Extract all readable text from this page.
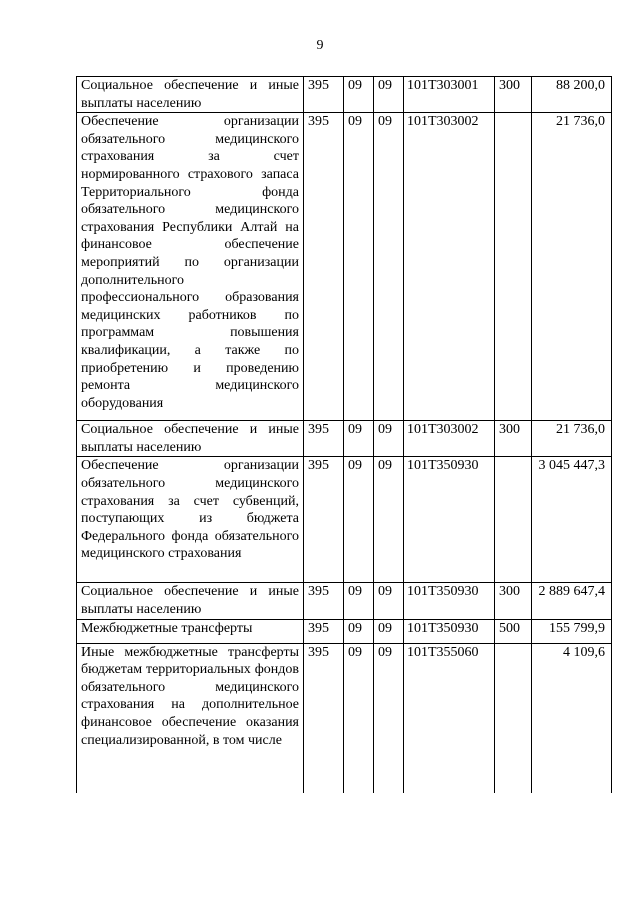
9
Социальное обеспечение и иные выплаты населению	395	09	09	101Т303001	300	88 200,0
Обеспечение организации обязательного медицинского страхования за счет нормированного страхового запаса Территориального фонда обязательного медицинского страхования Республики Алтай на финансовое обеспечение мероприятий по организации дополнительного профессионального образования медицинских работников по программам повышения квалификации, а также по приобретению и проведению ремонта медицинского оборудования	395	09	09	101Т303002		21 736,0
Социальное обеспечение и иные выплаты населению	395	09	09	101Т303002	300	21 736,0
Обеспечение организации обязательного медицинского страхования за счет субвенций, поступающих из бюджета Федерального фонда обязательного медицинского страхования	395	09	09	101Т350930		3 045 447,3
Социальное обеспечение и иные выплаты населению	395	09	09	101Т350930	300	2 889 647,4
Межбюджетные трансферты	395	09	09	101Т350930	500	155 799,9
Иные межбюджетные трансферты бюджетам территориальных фондов обязательного медицинского страхования на дополнительное финансовое обеспечение оказания специализированной, в том числе	395	09	09	101Т355060		4 109,6
